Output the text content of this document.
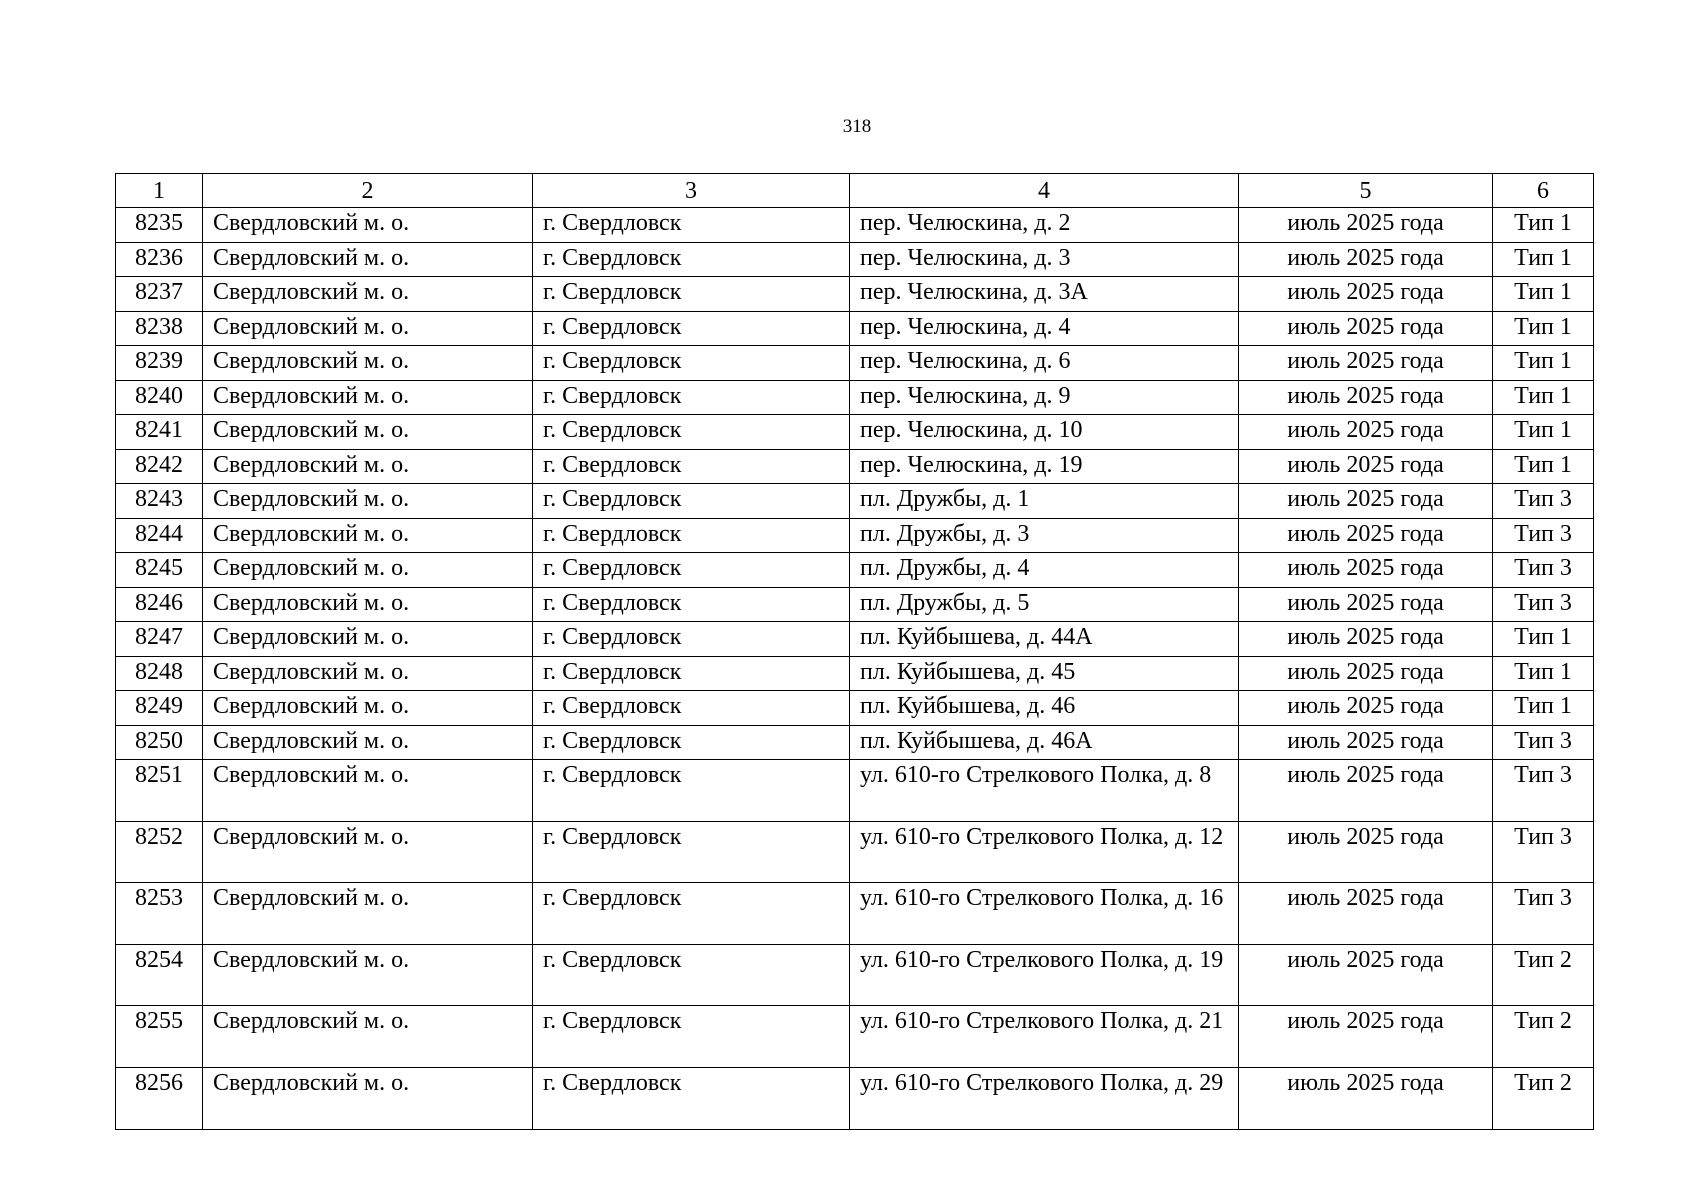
318
1	2	3	4	5	6
8235	Свердловский м. о.	г. Свердловск	пер. Челюскина, д. 2	июль 2025 года	Тип 1
8236	Свердловский м. о.	г. Свердловск	пер. Челюскина, д. 3	июль 2025 года	Тип 1
8237	Свердловский м. о.	г. Свердловск	пер. Челюскина, д. 3А	июль 2025 года	Тип 1
8238	Свердловский м. о.	г. Свердловск	пер. Челюскина, д. 4	июль 2025 года	Тип 1
8239	Свердловский м. о.	г. Свердловск	пер. Челюскина, д. 6	июль 2025 года	Тип 1
8240	Свердловский м. о.	г. Свердловск	пер. Челюскина, д. 9	июль 2025 года	Тип 1
8241	Свердловский м. о.	г. Свердловск	пер. Челюскина, д. 10	июль 2025 года	Тип 1
8242	Свердловский м. о.	г. Свердловск	пер. Челюскина, д. 19	июль 2025 года	Тип 1
8243	Свердловский м. о.	г. Свердловск	пл. Дружбы, д. 1	июль 2025 года	Тип 3
8244	Свердловский м. о.	г. Свердловск	пл. Дружбы, д. 3	июль 2025 года	Тип 3
8245	Свердловский м. о.	г. Свердловск	пл. Дружбы, д. 4	июль 2025 года	Тип 3
8246	Свердловский м. о.	г. Свердловск	пл. Дружбы, д. 5	июль 2025 года	Тип 3
8247	Свердловский м. о.	г. Свердловск	пл. Куйбышева, д. 44А	июль 2025 года	Тип 1
8248	Свердловский м. о.	г. Свердловск	пл. Куйбышева, д. 45	июль 2025 года	Тип 1
8249	Свердловский м. о.	г. Свердловск	пл. Куйбышева, д. 46	июль 2025 года	Тип 1
8250	Свердловский м. о.	г. Свердловск	пл. Куйбышева, д. 46А	июль 2025 года	Тип 3
8251	Свердловский м. о.	г. Свердловск	ул. 610-го Стрелкового Полка, д. 8	июль 2025 года	Тип 3
8252	Свердловский м. о.	г. Свердловск	ул. 610-го Стрелкового Полка, д. 12	июль 2025 года	Тип 3
8253	Свердловский м. о.	г. Свердловск	ул. 610-го Стрелкового Полка, д. 16	июль 2025 года	Тип 3
8254	Свердловский м. о.	г. Свердловск	ул. 610-го Стрелкового Полка, д. 19	июль 2025 года	Тип 2
8255	Свердловский м. о.	г. Свердловск	ул. 610-го Стрелкового Полка, д. 21	июль 2025 года	Тип 2
8256	Свердловский м. о.	г. Свердловск	ул. 610-го Стрелкового Полка, д. 29	июль 2025 года	Тип 2
